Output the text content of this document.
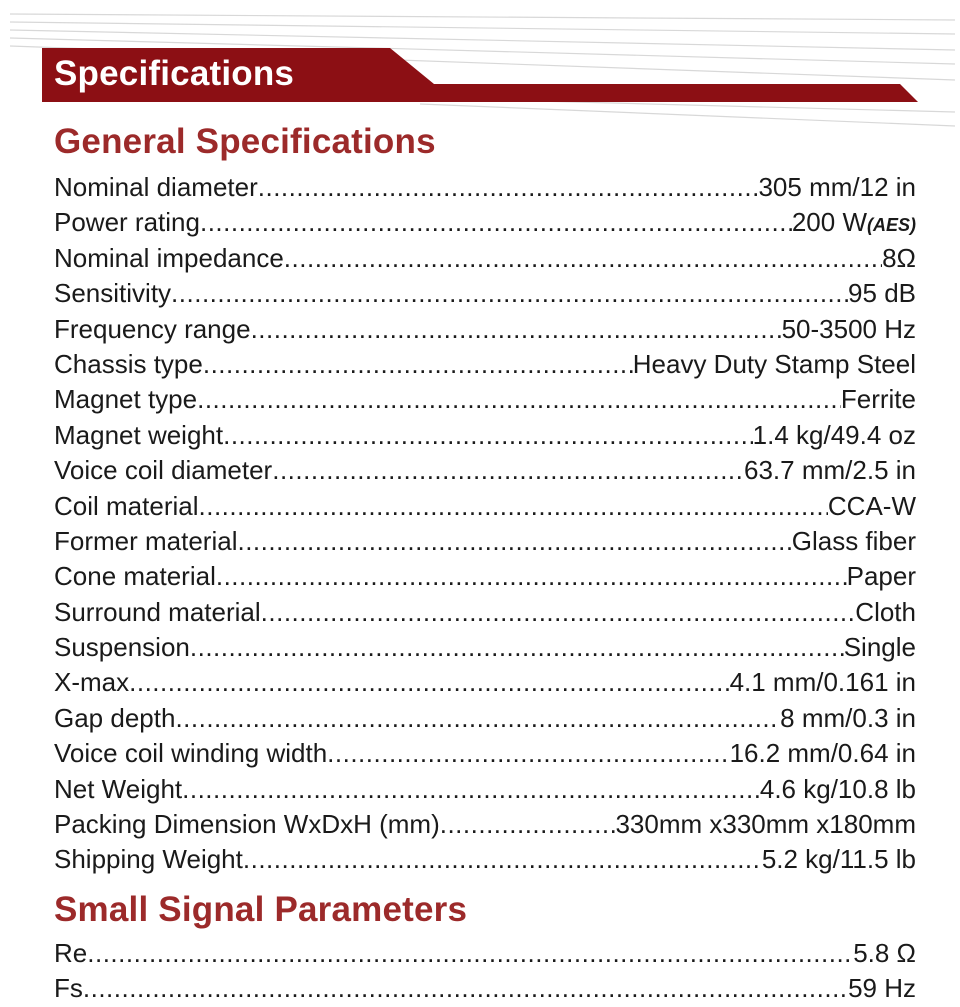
Specifications
General Specifications
Nominal diameter .....	305 mm/12 in
Power rating .....	200 W(AES)
Nominal impedance .....	8Ω
Sensitivity .....	95 dB
Frequency range .....	50-3500 Hz
Chassis type .....	Heavy Duty Stamp Steel
Magnet type .....	Ferrite
Magnet weight .....	1.4 kg/49.4 oz
Voice coil diameter .....	63.7 mm/2.5 in
Coil material .....	CCA-W
Former material .....	Glass fiber
Cone material .....	Paper
Surround material .....	Cloth
Suspension .....	Single
X-max .....	4.1 mm/0.161 in
Gap depth .....	8 mm/0.3 in
Voice coil winding width .....	16.2 mm/0.64 in
Net Weight .....	4.6 kg/10.8 lb
Packing Dimension WxDxH (mm) .....	330mm x330mm x180mm
Shipping Weight .....	5.2 kg/11.5 lb
Small Signal Parameters
Re .....	5.8 Ω
Fs .....	59 Hz
